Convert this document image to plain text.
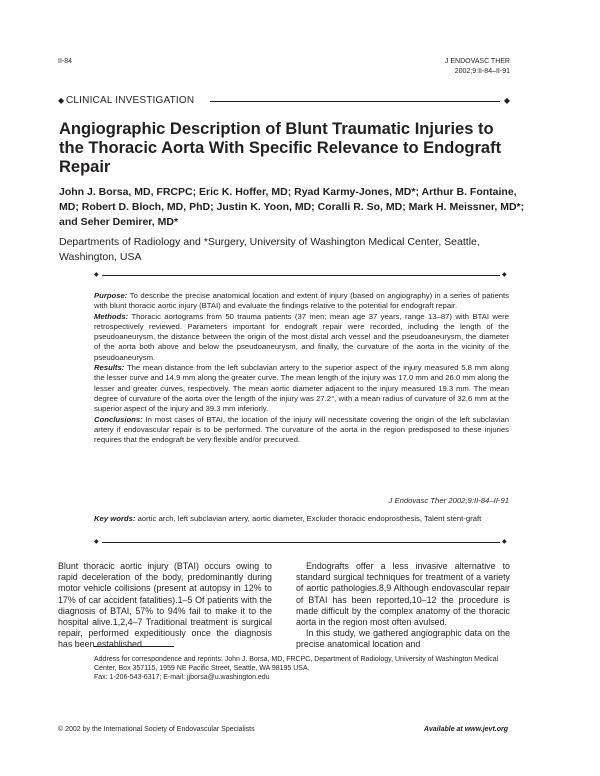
II-84	J ENDOVASC THER
2002;9:II-84–II-91
◆ CLINICAL INVESTIGATION	◆
Angiographic Description of Blunt Traumatic Injuries to the Thoracic Aorta With Specific Relevance to Endograft Repair
John J. Borsa, MD, FRCPC; Eric K. Hoffer, MD; Ryad Karmy-Jones, MD*; Arthur B. Fontaine, MD; Robert D. Bloch, MD, PhD; Justin K. Yoon, MD; Coralli R. So, MD; Mark H. Meissner, MD*; and Seher Demirer, MD*
Departments of Radiology and *Surgery, University of Washington Medical Center, Seattle, Washington, USA
◆	◆

Purpose: To describe the precise anatomical location and extent of injury (based on angiography) in a series of patients with blunt thoracic aortic injury (BTAI) and evaluate the findings relative to the potential for endograft repair.

Methods: Thoracic aortograms from 50 trauma patients (37 men; mean age 37 years, range 13–87) with BTAI were retrospectively reviewed. Parameters important for endograft repair were recorded, including the length of the pseudoaneurysm, the distance between the origin of the most distal arch vessel and the pseudoaneurysm, the diameter of the aorta both above and below the pseudoaneurysm, and finally, the curvature of the aorta in the vicinity of the pseudoaneurysm.

Results: The mean distance from the left subclavian artery to the superior aspect of the injury measured 5.8 mm along the lesser curve and 14.9 mm along the greater curve. The mean length of the injury was 17.0 mm and 26.0 mm along the lesser and greater curves, respectively. The mean aortic diameter adjacent to the injury measured 19.3 mm. The mean degree of curvature of the aorta over the length of the injury was 27.2°, with a mean radius of curvature of 32.6 mm at the superior aspect of the injury and 39.3 mm inferiorly.

Conclusions: In most cases of BTAI, the location of the injury will necessitate covering the origin of the left subclavian artery if endovascular repair is to be performed. The curvature of the aorta in the region predisposed to these injuries requires that the endograft be very flexible and/or precurved.

J Endovasc Ther 2002;9:II-84–II-91
Key words: aortic arch, left subclavian artery, aortic diameter, Excluder thoracic endoprosthesis, Talent stent-graft
◆	◆

Blunt thoracic aortic injury (BTAI) occurs owing to rapid deceleration of the body, predominantly during motor vehicle collisions (present at autopsy in 12% to 17% of car accident fatalities).1–5 Of patients with the diagnosis of BTAI, 57% to 94% fail to make it to the hospital alive.1,2,4–7 Traditional treatment is surgical repair, performed expeditiously once the diagnosis has been established.

Endografts offer a less invasive alternative to standard surgical techniques for treatment of a variety of aortic pathologies.8,9 Although endovascular repair of BTAI has been reported,10–12 the procedure is made difficult by the complex anatomy of the thoracic aorta in the region most often avulsed.

In this study, we gathered angiographic data on the precise anatomical location and

Address for correspondence and reprints: John J. Borsa, MD, FRCPC, Department of Radiology, University of Washington Medical Center, Box 357115, 1959 NE Pacific Street, Seattle, WA 98195 USA.
Fax: 1-206-543-6317; E-mail: jjborsa@u.washington.edu
© 2002 by the International Society of Endovascular Specialists	Available at www.jevt.org
